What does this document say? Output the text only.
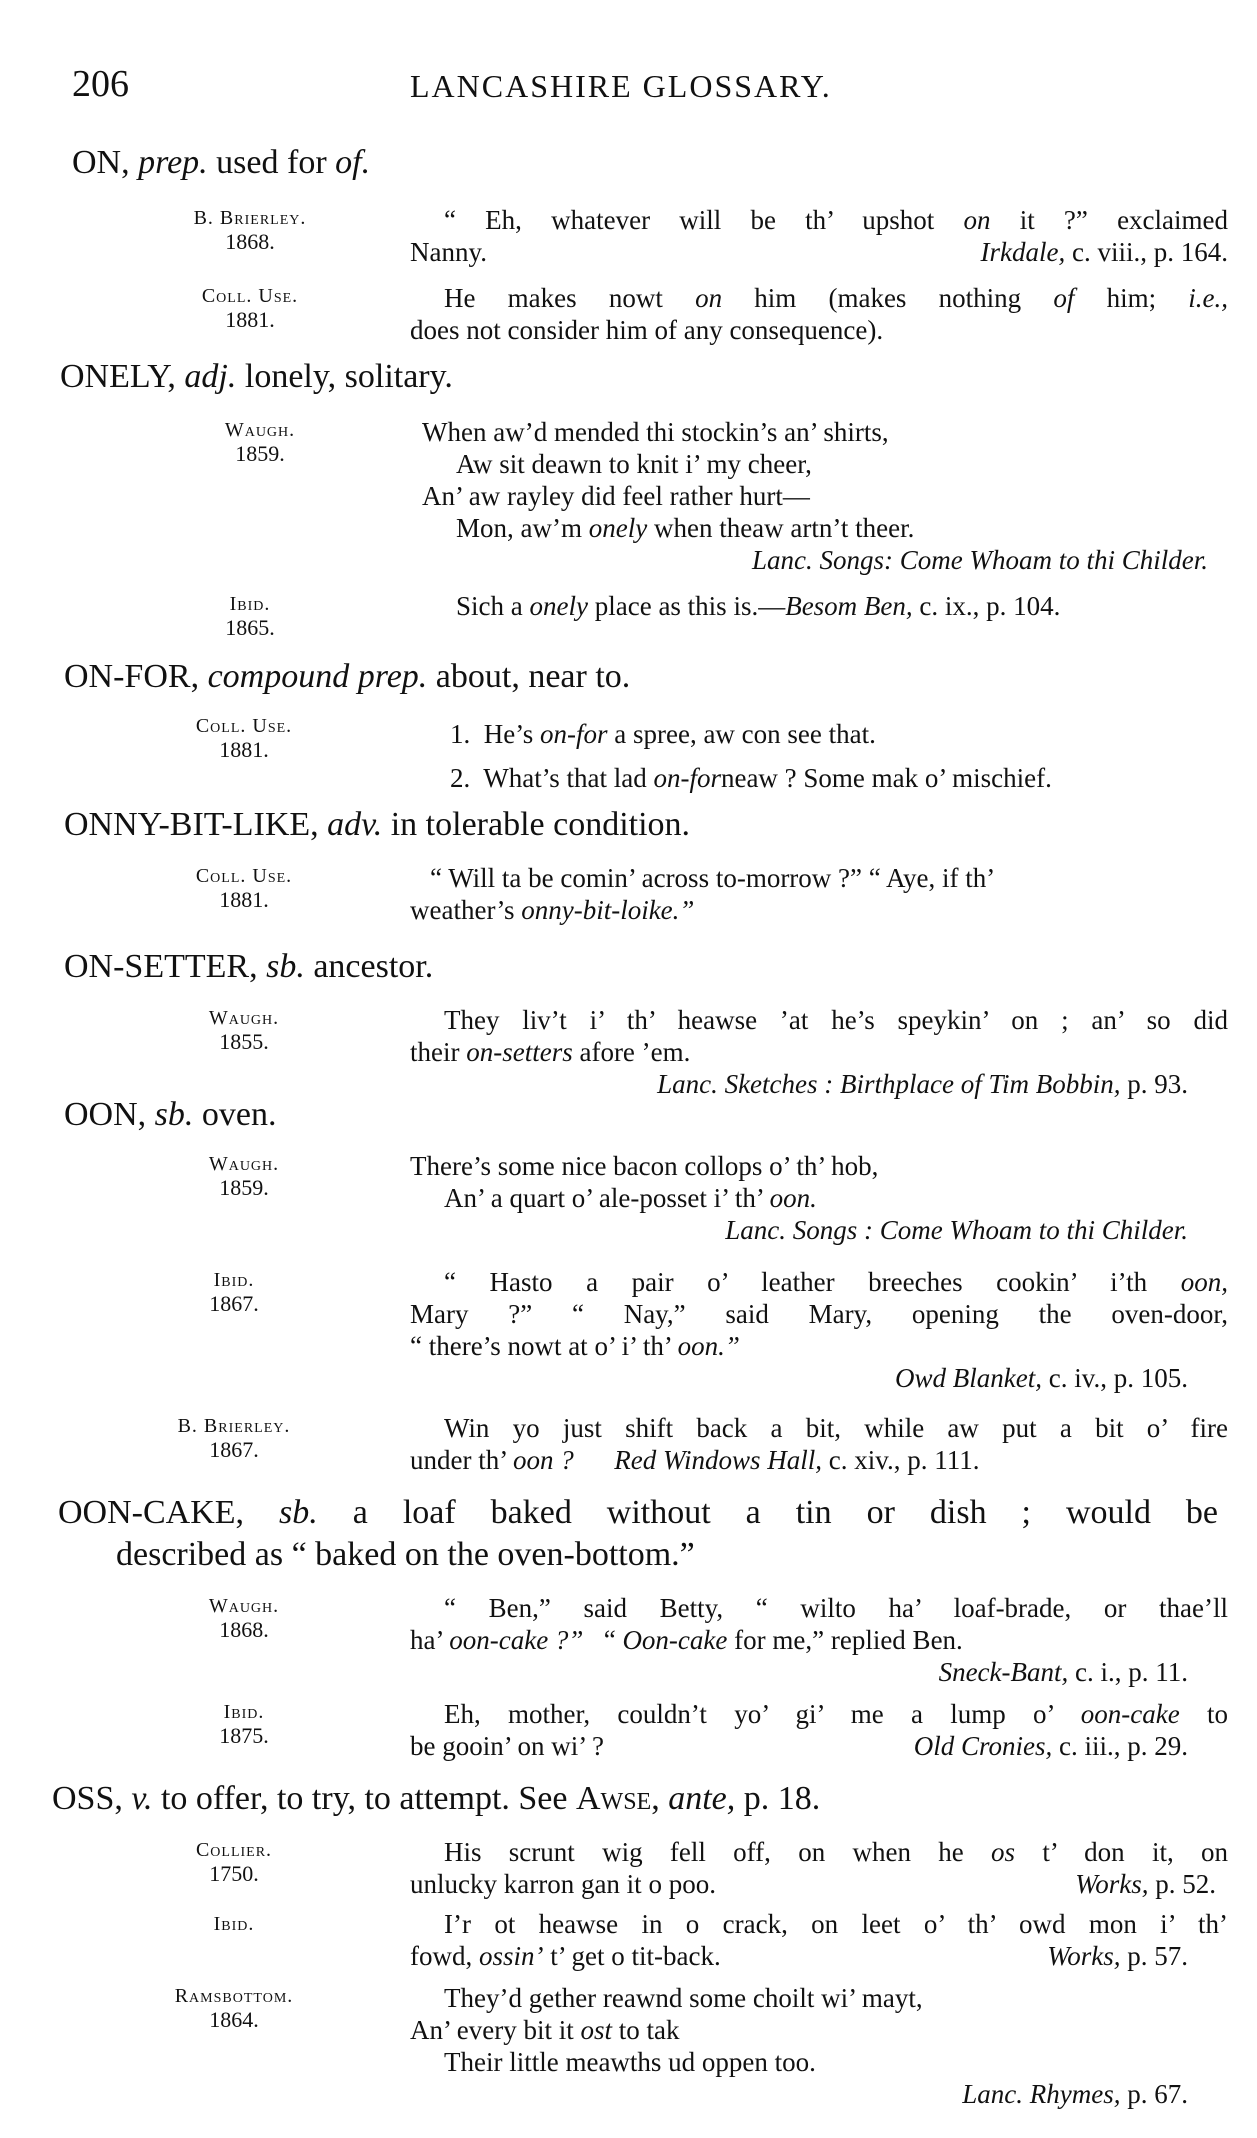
206	LANCASHIRE GLOSSARY.
ON, prep. used for of.
B. Brierley.
1868.
“ Eh, whatever will be th’ upshot on it ?” exclaimed
Nanny.	Irkdale, c. viii., p. 164.
Coll. Use.
1881.
He makes nowt on him (makes nothing of him; i.e.,
does not consider him of any consequence).
ONELY, adj. lonely, solitary.
Waugh.
1859.
When aw’d mended thi stockin’s an’ shirts,
Aw sit deawn to knit i’ my cheer,
An’ aw rayley did feel rather hurt—
Mon, aw’m onely when theaw artn’t theer.
Lanc. Songs: Come Whoam to thi Childer.
Ibid.
1865.
Sich a onely place as this is.—Besom Ben, c. ix., p. 104.
ON-FOR, compound prep. about, near to.
Coll. Use.
1881.
1. He’s on-for a spree, aw con see that.
2. What’s that lad on-forneaw ? Some mak o’ mischief.
ONNY-BIT-LIKE, adv. in tolerable condition.
Coll. Use.
1881.
“ Will ta be comin’ across to-morrow ?” “ Aye, if th’
weather’s onny-bit-loike.”
ON-SETTER, sb. ancestor.
Waugh.
1855.
They liv’t i’ th’ heawse ’at he’s speykin’ on ; an’ so did
their on-setters afore ’em.
Lanc. Sketches : Birthplace of Tim Bobbin, p. 93.
OON, sb. oven.
Waugh.
1859.
There’s some nice bacon collops o’ th’ hob,
An’ a quart o’ ale-posset i’ th’ oon.
Lanc. Songs : Come Whoam to thi Childer.
Ibid.
1867.
“ Hasto a pair o’ leather breeches cookin’ i’th oon,
Mary ?” “ Nay,” said Mary, opening the oven-door,
“ there’s nowt at o’ i’ th’ oon.”
Owd Blanket, c. iv., p. 105.
B. Brierley.
1867.
Win yo just shift back a bit, while aw put a bit o’ fire
under th’ oon ? Red Windows Hall, c. xiv., p. 111.
OON-CAKE, sb. a loaf baked without a tin or dish ; would be
described as “ baked on the oven-bottom.”
Waugh.
1868.
“ Ben,” said Betty, “ wilto ha’ loaf-brade, or thae’ll
ha’ oon-cake ?” “ Oon-cake for me,” replied Ben.
Sneck-Bant, c. i., p. 11.
Ibid.
1875.
Eh, mother, couldn’t yo’ gi’ me a lump o’ oon-cake to
be gooin’ on wi’ ?	Old Cronies, c. iii., p. 29.
OSS, v. to offer, to try, to attempt. See Awse, ante, p. 18.
Collier.
1750.
His scrunt wig fell off, on when he os t’ don it, on
unlucky karron gan it o poo.	Works, p. 52.
Ibid.	I’r ot heawse in o crack, on leet o’ th’ owd mon i’ th’
fowd, ossin’ t’ get o tit-back.	Works, p. 57.
Ramsbottom.
1864.
They’d gether reawnd some choilt wi’ mayt,
An’ every bit it ost to tak
Their little meawths ud oppen too.
Lanc. Rhymes, p. 67.
